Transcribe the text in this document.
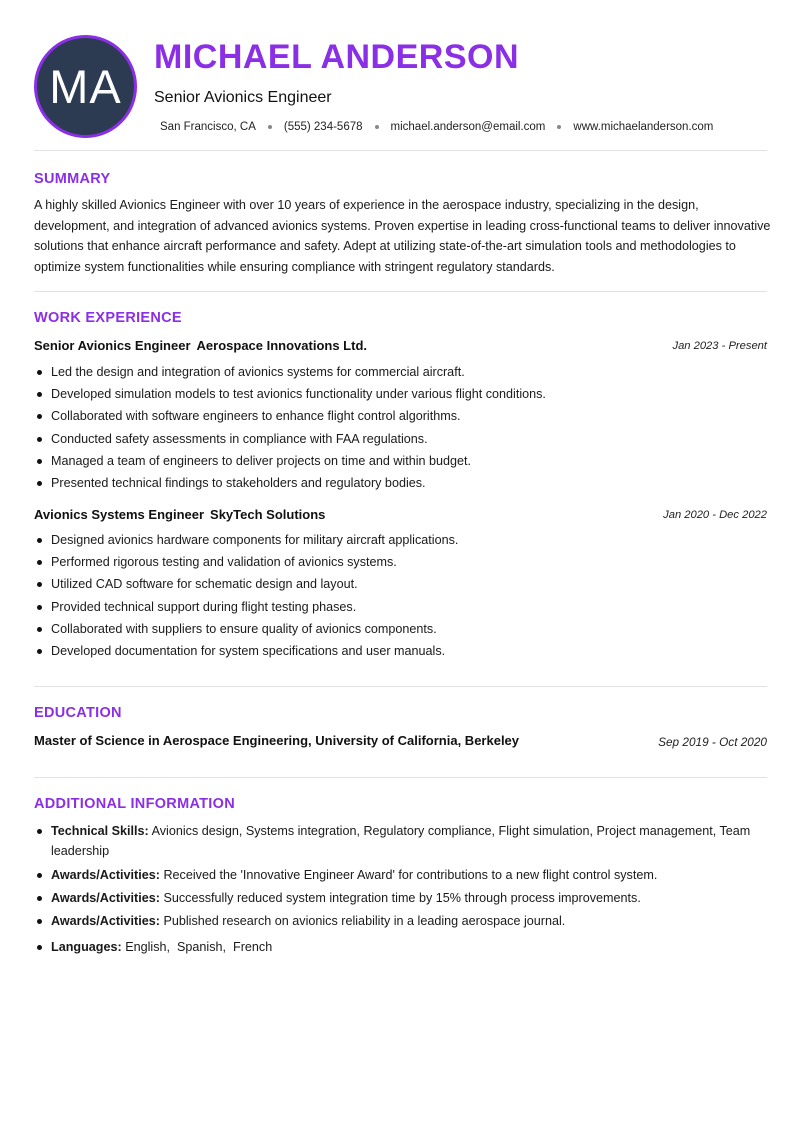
MA
MICHAEL ANDERSON
Senior Avionics Engineer
San Francisco, CA (555) 234-5678 michael.anderson@email.com www.michaelanderson.com
SUMMARY
A highly skilled Avionics Engineer with over 10 years of experience in the aerospace industry, specializing in the design, development, and integration of advanced avionics systems. Proven expertise in leading cross-functional teams to deliver innovative solutions that enhance aircraft performance and safety. Adept at utilizing state-of-the-art simulation tools and methodologies to optimize system functionalities while ensuring compliance with stringent regulatory standards.
WORK EXPERIENCE
Senior Avionics Engineer Aerospace Innovations Ltd.	Jan 2023 - Present
Led the design and integration of avionics systems for commercial aircraft.
Developed simulation models to test avionics functionality under various flight conditions.
Collaborated with software engineers to enhance flight control algorithms.
Conducted safety assessments in compliance with FAA regulations.
Managed a team of engineers to deliver projects on time and within budget.
Presented technical findings to stakeholders and regulatory bodies.
Avionics Systems Engineer SkyTech Solutions	Jan 2020 - Dec 2022
Designed avionics hardware components for military aircraft applications.
Performed rigorous testing and validation of avionics systems.
Utilized CAD software for schematic design and layout.
Provided technical support during flight testing phases.
Collaborated with suppliers to ensure quality of avionics components.
Developed documentation for system specifications and user manuals.
EDUCATION
Master of Science in Aerospace Engineering, University of California, Berkeley	Sep 2019 - Oct 2020
ADDITIONAL INFORMATION
Technical Skills: Avionics design, Systems integration, Regulatory compliance, Flight simulation, Project management, Team leadership
Awards/Activities: Received the 'Innovative Engineer Award' for contributions to a new flight control system.
Awards/Activities: Successfully reduced system integration time by 15% through process improvements.
Awards/Activities: Published research on avionics reliability in a leading aerospace journal.
Languages: English,  Spanish,  French
